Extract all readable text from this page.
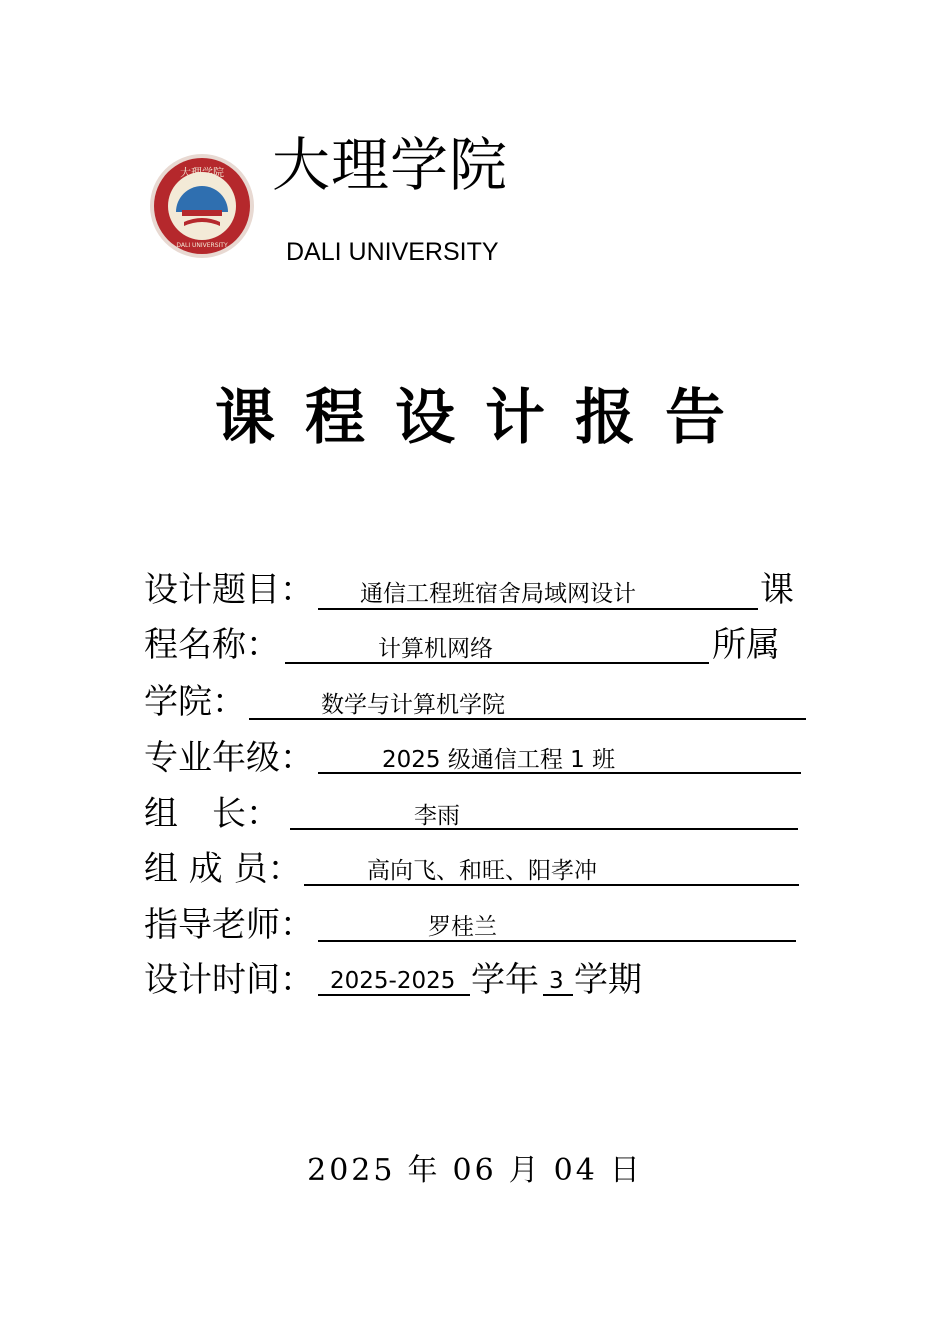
大理学院
DALI UNIVERSITY
大理学院
DALI UNIVERSITY
课程设计报告
设计题目： 通信工程班宿舍局域网设计	课
程名称：	计算机网络	所属
学院：	数学与计算机学院
专业年级：	2025 级通信工程 1 班
组　长：	李雨
组 成 员：	高向飞、和旺、阳孝冲
指导老师：	罗桂兰
设计时间： 2025-2025 学年 3 学期
2025 年 06 月 04 日
